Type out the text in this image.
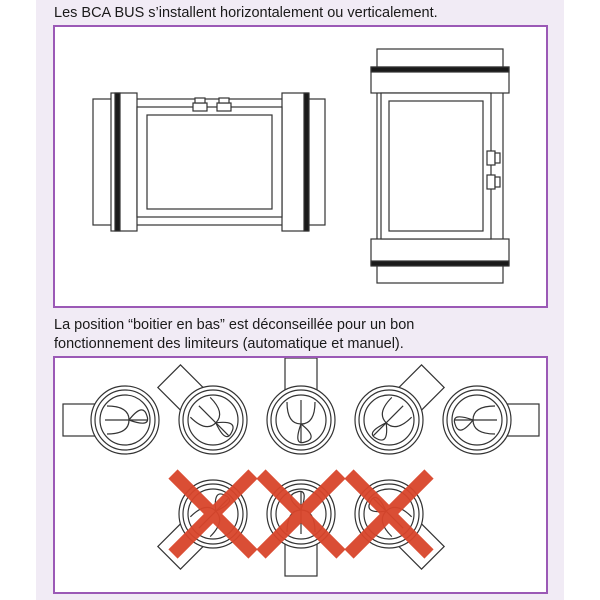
Les BCA BUS s’installent horizontalement ou verticalement.

La position “boitier en bas” est déconseillée pour un bon

fonctionnement des limiteurs (automatique et manuel).
